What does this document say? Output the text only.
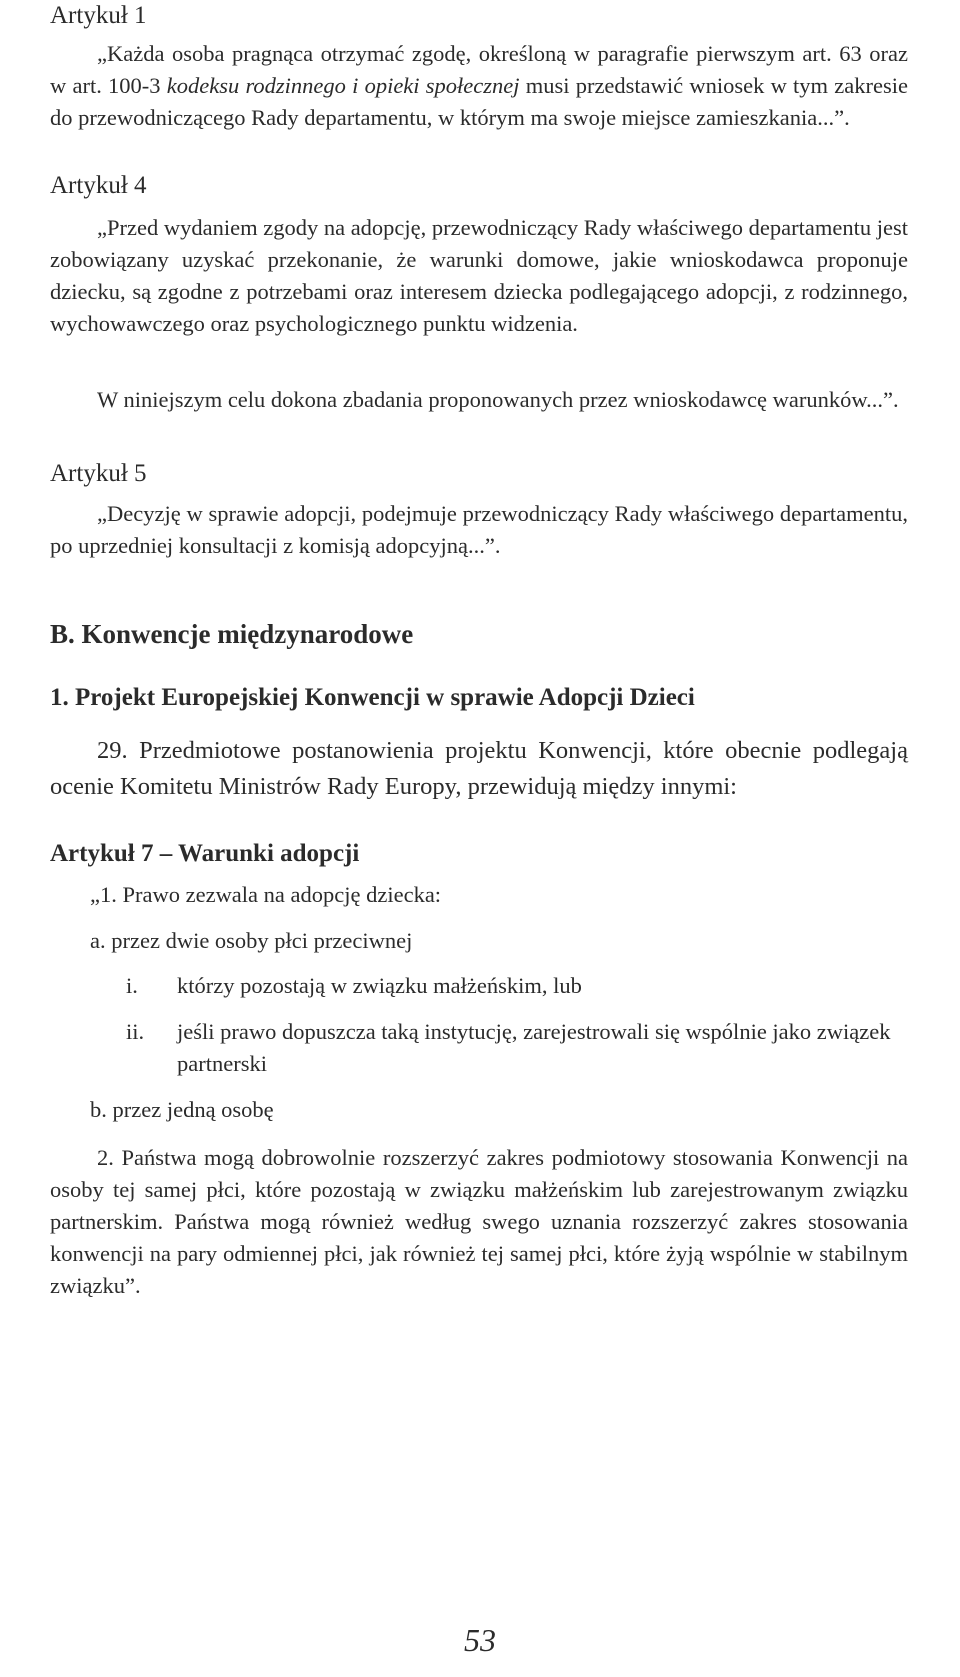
Artykuł 1
„Każda osoba pragnąca otrzymać zgodę, określoną w paragrafie pierwszym art. 63 oraz w art. 100-3 kodeksu rodzinnego i opieki społecznej musi przedstawić wniosek w tym zakresie do przewodniczącego Rady departamentu, w którym ma swoje miejsce zamieszkania...”.
Artykuł 4
„Przed wydaniem zgody na adopcję, przewodniczący Rady właściwego departamentu jest zobowiązany uzyskać przekonanie, że warunki domowe, jakie wnioskodawca proponuje dziecku, są zgodne z potrzebami oraz interesem dziecka podlegającego adopcji, z rodzinnego, wychowawczego oraz psychologicznego punktu widzenia.
W niniejszym celu dokona zbadania proponowanych przez wnioskodawcę warunków...”.
Artykuł 5
„Decyzję w sprawie adopcji, podejmuje przewodniczący Rady właściwego departamentu, po uprzedniej konsultacji z komisją adopcyjną...”.
B. Konwencje międzynarodowe
1. Projekt Europejskiej Konwencji w sprawie Adopcji Dzieci
29. Przedmiotowe postanowienia projektu Konwencji, które obecnie podlegają ocenie Komitetu Ministrów Rady Europy, przewidują między innymi:
Artykuł 7 – Warunki adopcji
„1. Prawo zezwala na adopcję dziecka:
a. przez dwie osoby płci przeciwnej
i. którzy pozostają w związku małżeńskim, lub
ii. jeśli prawo dopuszcza taką instytucję, zarejestrowali się wspólnie jako związek partnerski
b. przez jedną osobę
2. Państwa mogą dobrowolnie rozszerzyć zakres podmiotowy stosowania Konwencji na osoby tej samej płci, które pozostają w związku małżeńskim lub zarejestrowanym związku partnerskim. Państwa mogą również według swego uznania rozszerzyć zakres stosowania konwencji na pary odmiennej płci, jak również tej samej płci, które żyją wspólnie w stabilnym związku”.
53
